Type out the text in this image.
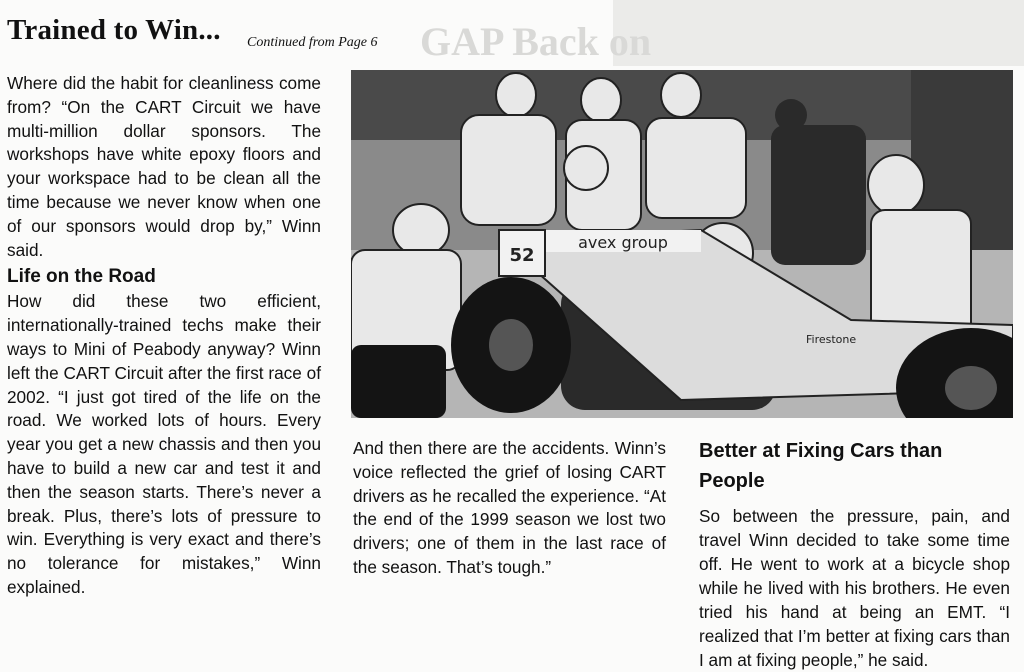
GAP Back on
Trained to Win... Continued from Page 6

Where did the habit for cleanliness come from? “On the CART Circuit we have multi-million dollar sponsors. The workshops have white epoxy floors and your workspace had to be clean all the time because we never know when one of our sponsors would drop by,” Winn said.

Life on the Road

How did these two efficient, internationally-trained techs make their ways to Mini of Peabody anyway? Winn left the CART Circuit after the first race of 2002. “I just got tired of the life on the road. We worked lots of hours. Every year you get a new chassis and then you have to build a new car and test it and then the season starts. There’s never a break. Plus, there’s lots of pressure to win. Everything is very exact and there’s no tolerance for mistakes,” Winn explained.

52
avex group
Firestone

And then there are the accidents. Winn’s voice reflected the grief of losing CART drivers as he recalled the experience. “At the end of the 1999 season we lost two drivers; one of them in the last race of the season. That’s tough.”

Better at Fixing Cars than People

So between the pressure, pain, and travel Winn decided to take some time off. He went to work at a bicycle shop while he lived with his brothers. He even tried his hand at being an EMT. “I realized that I’m better at fixing cars than I am at fixing people,” he said.
